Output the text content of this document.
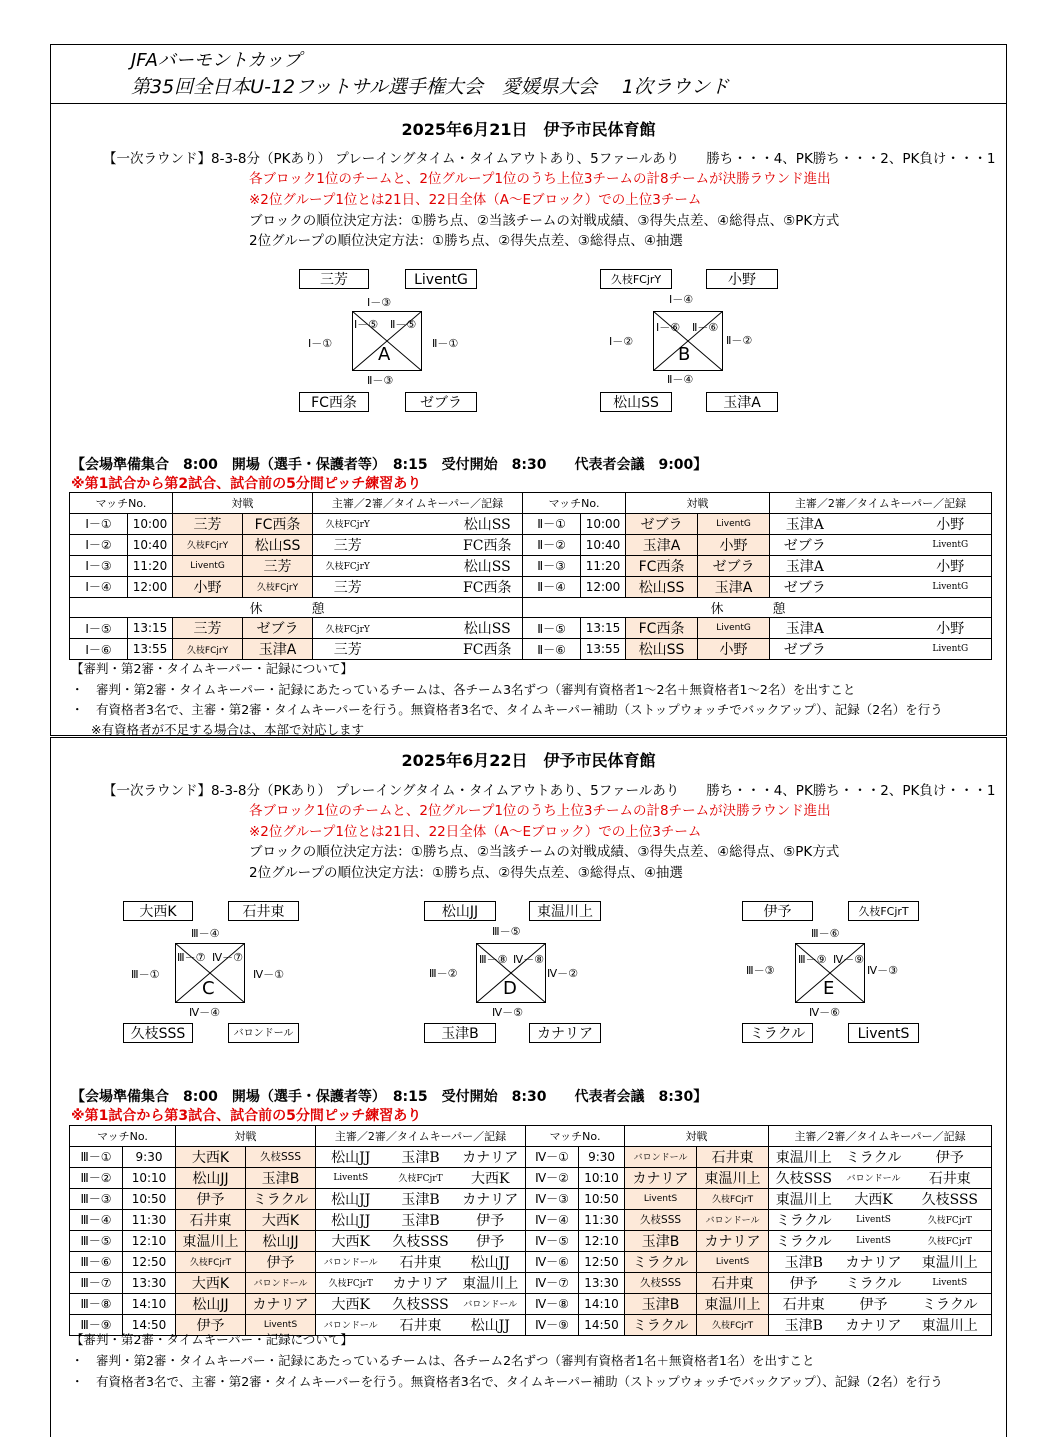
JFAバーモントカップ
第35回全日本U-12フットサル選手権大会　愛媛県大会　 1次ラウンド
2025年6月21日　伊予市民体育館
【一次ラウンド】8-3-8分（PKあり） プレーイングタイム・タイムアウトあり、5ファールあり　　勝ち・・・4、PK勝ち・・・2、PK負け・・・1
各ブロック1位のチームと、2位グループ1位のうち上位3チームの計8チームが決勝ラウンド進出
※2位グループ1位とは21日、22日全体（A～Eブロック）での上位3チーム
ブロックの順位決定方法：①勝ち点、②当該チームの対戦成績、③得失点差、④総得点、⑤PK方式
2位グループの順位決定方法：①勝ち点、②得失点差、③総得点、④抽選
三芳	LiventG
FC西条	ゼブラ
Ⅰ－③
Ⅰ－①	Ⅱ－①
Ⅱ－③
Ⅰ－⑤ Ⅱ－⑤
A
久枝FCjrY	小野
松山SS	玉津A
Ⅰ－④
Ⅰ－②	Ⅱ－②
Ⅱ－④
Ⅰ－⑥ Ⅱ－⑥
B
【会場準備集合　8:00　開場（選手・保護者等）　8:15　受付開始　8:30　　代表者会議　9:00】
※第1試合から第2試合、試合前の5分間ピッチ練習あり
マッチNo.		対戦		主審／2審／タイムキーパー／記録			マッチNo.		対戦		主審／2審／タイムキーパー／記録		
Ⅰ－①	10:00	三芳	FC西条	久枝FCjrY		松山SS	Ⅱ－①	10:00	ゼブラ	LiventG	玉津A		小野
Ⅰ－②	10:40	久枝FCjrY	松山SS	三芳		FC西条	Ⅱ－②	10:40	玉津A	小野	ゼブラ		LiventG
Ⅰ－③	11:20	LiventG	三芳	久枝FCjrY		松山SS	Ⅱ－③	11:20	FC西条	ゼブラ	玉津A		小野
Ⅰ－④	12:00	小野	久枝FCjrY	三芳		FC西条	Ⅱ－④	12:00	松山SS	玉津A	ゼブラ		LiventG
休　憩							休　憩						
Ⅰ－⑤	13:15	三芳	ゼブラ	久枝FCjrY		松山SS	Ⅱ－⑤	13:15	FC西条	LiventG	玉津A		小野
Ⅰ－⑥	13:55	久枝FCjrY	玉津A	三芳		FC西条	Ⅱ－⑥	13:55	松山SS	小野	ゼブラ		LiventG
【審判・第2審・タイムキーパー・記録について】
・　審判・第2審・タイムキーパー・記録にあたっているチームは、各チーム3名ずつ（審判有資格者1～2名＋無資格者1～2名）を出すこと
・　有資格者3名で、主審・第2審・タイムキーパーを行う。無資格者3名で、タイムキーパー補助（ストップウォッチでバックアップ）、記録（2名）を行う
※有資格者が不足する場合は、本部で対応します
2025年6月22日　伊予市民体育館
【一次ラウンド】8-3-8分（PKあり） プレーイングタイム・タイムアウトあり、5ファールあり　　勝ち・・・4、PK勝ち・・・2、PK負け・・・1
各ブロック1位のチームと、2位グループ1位のうち上位3チームの計8チームが決勝ラウンド進出
※2位グループ1位とは21日、22日全体（A～Eブロック）での上位3チーム
ブロックの順位決定方法：①勝ち点、②当該チームの対戦成績、③得失点差、④総得点、⑤PK方式
2位グループの順位決定方法：①勝ち点、②得失点差、③総得点、④抽選
大西K	石井東
久枝SSS	バロンドール
Ⅲ－④
Ⅲ－①	Ⅳ－①
Ⅳ－④
Ⅲ－⑦ Ⅳ－⑦
C
松山JJ	東温川上
玉津B	カナリア
Ⅲ－⑤
Ⅲ－②	Ⅳ－②
Ⅳ－⑤
Ⅲ－⑧ Ⅳ－⑧
D
伊予	久枝FCjrT
ミラクル	LiventS
Ⅲ－⑥
Ⅲ－③	Ⅳ－③
Ⅳ－⑥
Ⅲ－⑨ Ⅳ－⑨
E
【会場準備集合　8:00　開場（選手・保護者等）　8:15　受付開始　8:30　　代表者会議　8:30】
※第1試合から第3試合、試合前の5分間ピッチ練習あり
マッチNo.		対戦		主審／2審／タイムキーパー／記録			マッチNo.		対戦		主審／2審／タイムキーパー／記録		
Ⅲ－①	9:30	大西K	久枝SSS	松山JJ	玉津B	カナリア	Ⅳ－①	9:30	バロンドール	石井東	東温川上	ミラクル	伊予
Ⅲ－②	10:10	松山JJ	玉津B	LiventS	久枝FCjrT	大西K	Ⅳ－②	10:10	カナリア	東温川上	久枝SSS	バロンドール	石井東
Ⅲ－③	10:50	伊予	ミラクル	松山JJ	玉津B	カナリア	Ⅳ－③	10:50	LiventS	久枝FCjrT	東温川上	大西K	久枝SSS
Ⅲ－④	11:30	石井東	大西K	松山JJ	玉津B	伊予	Ⅳ－④	11:30	久枝SSS	バロンドール	ミラクル	LiventS	久枝FCjrT
Ⅲ－⑤	12:10	東温川上	松山JJ	大西K	久枝SSS	伊予	Ⅳ－⑤	12:10	玉津B	カナリア	ミラクル	LiventS	久枝FCjrT
Ⅲ－⑥	12:50	久枝FCjrT	伊予	バロンドール	石井東	松山JJ	Ⅳ－⑥	12:50	ミラクル	LiventS	玉津B	カナリア	東温川上
Ⅲ－⑦	13:30	大西K	バロンドール	久枝FCjrT	カナリア	東温川上	Ⅳ－⑦	13:30	久枝SSS	石井東	伊予	ミラクル	LiventS
Ⅲ－⑧	14:10	松山JJ	カナリア	大西K	久枝SSS	バロンドール	Ⅳ－⑧	14:10	玉津B	東温川上	石井東	伊予	ミラクル
Ⅲ－⑨	14:50	伊予	LiventS	バロンドール	石井東	松山JJ	Ⅳ－⑨	14:50	ミラクル	久枝FCjrT	玉津B	カナリア	東温川上
【審判・第2審・タイムキーパー・記録について】
・　審判・第2審・タイムキーパー・記録にあたっているチームは、各チーム2名ずつ（審判有資格者1名＋無資格者1名）を出すこと
・　有資格者3名で、主審・第2審・タイムキーパーを行う。無資格者3名で、タイムキーパー補助（ストップウォッチでバックアップ）、記録（2名）を行う
